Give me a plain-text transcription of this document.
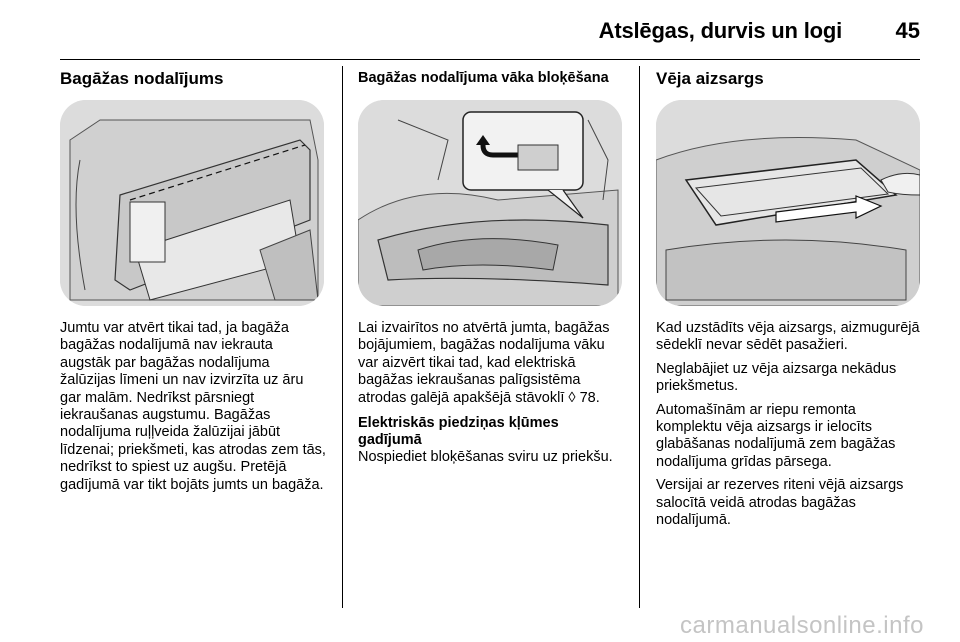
Atslēgas, durvis un logi 45
Bagāžas nodalījums

Jumtu var atvērt tikai tad, ja bagāža bagāžas nodalījumā nav iekrauta augstāk par bagāžas nodalījuma žalūzijas līmeni un nav izvirzīta uz āru gar malām. Nedrīkst pārsniegt iekraušanas augstumu. Bagāžas nodalījuma ruļļveida žalūzijai jābūt līdzenai; priekšmeti, kas atrodas zem tās, nedrīkst to spiest uz augšu. Pretējā gadījumā var tikt bojāts jumts un bagāža.

Bagāžas nodalījuma vāka bloķēšana

Lai izvairītos no atvērtā jumta, bagāžas bojājumiem, bagāžas nodalījuma vāku var aizvērt tikai tad, kad elektriskā bagāžas iekraušanas palīgsistēma atrodas galējā apakšējā stāvoklī ◊ 78.

Elektriskās piedziņas kļūmes gadījumā

Nospiediet bloķēšanas sviru uz priekšu.

Vēja aizsargs

Kad uzstādīts vēja aizsargs, aizmugurējā sēdeklī nevar sēdēt pasažieri.

Neglabājiet uz vēja aizsarga nekādus priekšmetus.

Automašīnām ar riepu remonta komplektu vēja aizsargs ir ielocīts glabāšanas nodalījumā zem bagāžas nodalījuma grīdas pārsega.

Versijai ar rezerves riteni vējā aizsargs salocītā veidā atrodas bagāžas nodalījumā.

carmanualsonline.info
